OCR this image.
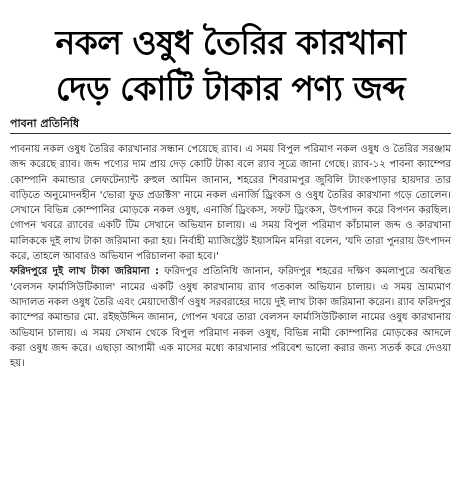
নকল ওষুধ তৈরির কারখানা
দেড় কোটি টাকার পণ্য জব্দ
পাবনা প্রতিনিধি

পাবনায় নকল ওষুধ তৈরির কারখানার সন্ধান পেয়েছে র‍্যাব। এ সময় বিপুল পরিমাণ নকল ওষুধ ও তৈরির সরঞ্জাম জব্দ করেছে র‍্যাব। জব্দ পণ্যের দাম প্রায় দেড় কোটি টাকা বলে র‍্যাব সূত্রে জানা গেছে। র‍্যাব-১২ পাবনা ক্যাম্পের কোম্পানি কমান্ডার লেফটেন্যান্ট রুহুল আমিন জানান, শহরের শিবরামপুর জুবিলি ট্যাংকপাড়ার হায়দার তার বাড়িতে অনুমোদনহীন 'ভোরা ফুড প্রডাক্টস' নামে নকল এনার্জি ড্রিংকস ও ওষুধ তৈরির কারখানা গড়ে তোলেন। সেখানে বিভিন্ন কোম্পানির মোড়কে নকল ওষুধ, এনার্জি ড্রিংকস, সফট ড্রিংকস, উৎপাদন করে বিপণন করছিল। গোপন খবরে র‍্যাবের একটি টিম সেখানে অভিযান চালায়। এ সময় বিপুল পরিমাণ কাঁচামাল জব্দ ও কারখানা মালিককে দুই লাখ টাকা জরিমানা করা হয়। নির্বাহী ম্যাজিস্ট্রেট ইয়াসমিন মনিরা বলেন, 'যদি তারা পুনরায় উৎপাদন করে, তাহলে আবারও অভিযান পরিচালনা করা হবে।'

ফরিদপুরে দুই লাখ টাকা জরিমানা : ফরিদপুর প্রতিনিধি জানান, ফরিদপুর শহরের দক্ষিণ কমলাপুরে অবস্থিত 'বেলসন ফার্মাসিউটিক্যাল' নামের একটি ওষুধ কারখানায় র‍্যাব গতকাল অভিযান চালায়। এ সময় ভ্রাম্যমাণ আদালত নকল ওষুধ তৈরি এবং মেয়াদোত্তীর্ণ ওষুধ সরবরাহের দায়ে দুই লাখ টাকা জরিমানা করেন। র‍্যাব ফরিদপুর ক্যাম্পের কমান্ডার মো. রইছউদ্দিন জানান, গোপন খবরে তারা বেলসন ফার্মাসিউটিক্যাল নামের ওষুধ কারখানায় অভিযান চালায়। এ সময় সেখান থেকে বিপুল পরিমাণ নকল ওষুধ, বিভিন্ন নামী কোম্পানির মোড়কের আদলে করা ওষুধ জব্দ করে। এছাড়া আগামী এক মাসের মধ্যে কারখানার পরিবেশ ভালো করার জন্য সতর্ক করে দেওয়া হয়।
